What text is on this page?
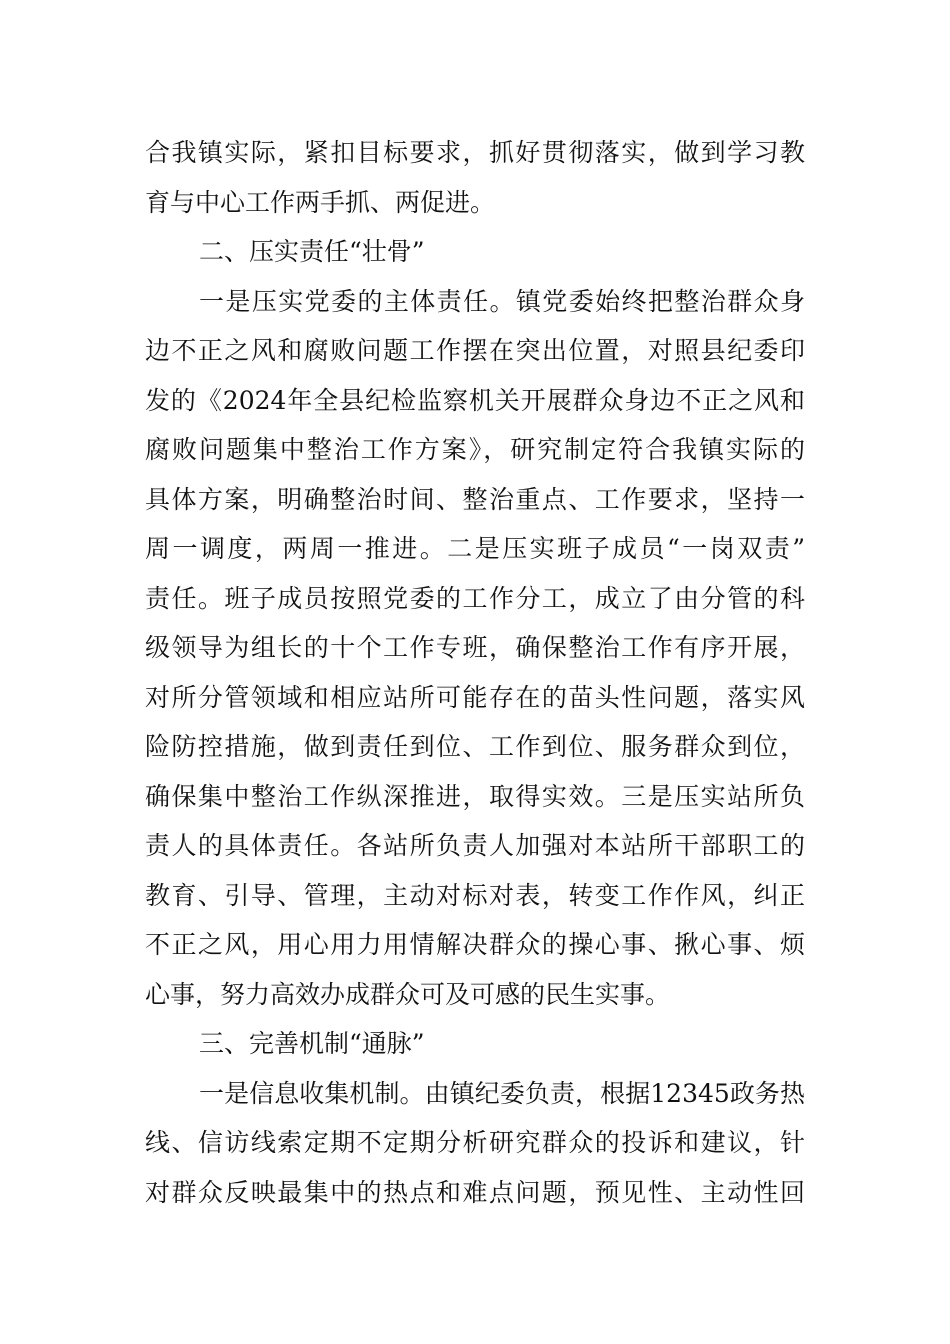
合我镇实际，紧扣目标要求，抓好贯彻落实，做到学习教
育与中心工作两手抓、两促进。
二、压实责任“壮骨”
一是压实党委的主体责任。镇党委始终把整治群众身
边不正之风和腐败问题工作摆在突出位置，对照县纪委印
发的《2024年全县纪检监察机关开展群众身边不正之风和
腐败问题集中整治工作方案》，研究制定符合我镇实际的
具体方案，明确整治时间、整治重点、工作要求，坚持一
周一调度，两周一推进。二是压实班子成员“一岗双责”
责任。班子成员按照党委的工作分工，成立了由分管的科
级领导为组长的十个工作专班，确保整治工作有序开展，
对所分管领域和相应站所可能存在的苗头性问题，落实风
险防控措施，做到责任到位、工作到位、服务群众到位，
确保集中整治工作纵深推进，取得实效。三是压实站所负
责人的具体责任。各站所负责人加强对本站所干部职工的
教育、引导、管理，主动对标对表，转变工作作风，纠正
不正之风，用心用力用情解决群众的操心事、揪心事、烦
心事，努力高效办成群众可及可感的民生实事。
三、完善机制“通脉”
一是信息收集机制。由镇纪委负责，根据12345政务热
线、信访线索定期不定期分析研究群众的投诉和建议，针
对群众反映最集中的热点和难点问题，预见性、主动性回
